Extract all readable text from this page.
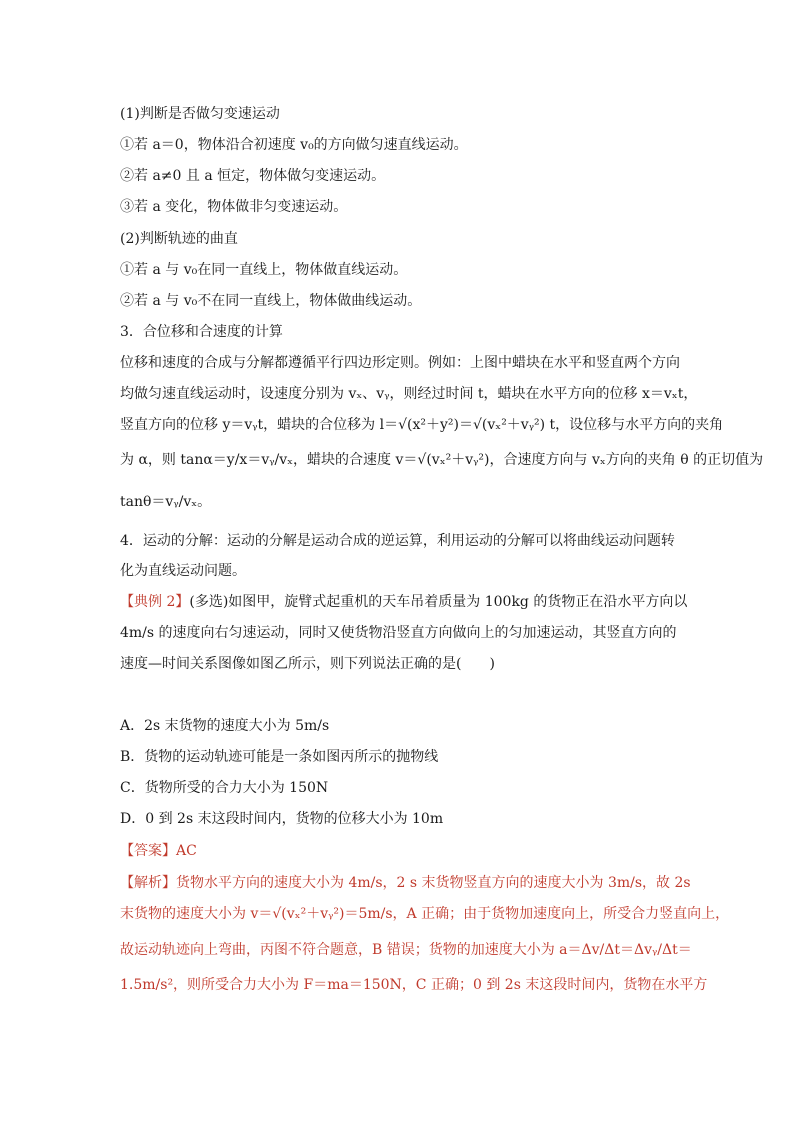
(1)判断是否做匀变速运动
①若 a＝0，物体沿合初速度 v₀的方向做匀速直线运动。
②若 a≠0 且 a 恒定，物体做匀变速运动。
③若 a 变化，物体做非匀变速运动。
(2)判断轨迹的曲直
①若 a 与 v₀在同一直线上，物体做直线运动。
②若 a 与 v₀不在同一直线上，物体做曲线运动。
3．合位移和合速度的计算
位移和速度的合成与分解都遵循平行四边形定则。例如：上图中蜡块在水平和竖直两个方向
均做匀速直线运动时，设速度分别为 vₓ、vᵧ，则经过时间 t，蜡块在水平方向的位移 x＝vₓt，
竖直方向的位移 y＝vᵧt，蜡块的合位移为 l＝√(x²＋y²)＝√(vₓ²＋vᵧ²) t，设位移与水平方向的夹角
为 α，则 tanα＝y/x＝vᵧ/vₓ，蜡块的合速度 v＝√(vₓ²＋vᵧ²)，合速度方向与 vₓ方向的夹角 θ 的正切值为
tanθ＝vᵧ/vₓ。
4．运动的分解：运动的分解是运动合成的逆运算，利用运动的分解可以将曲线运动问题转
化为直线运动问题。
【典例 2】(多选)如图甲，旋臂式起重机的天车吊着质量为 100kg 的货物正在沿水平方向以
4m/s 的速度向右匀速运动，同时又使货物沿竖直方向做向上的匀加速运动，其竖直方向的
速度—时间关系图像如图乙所示，则下列说法正确的是(　　)
A．2s 末货物的速度大小为 5m/s
B．货物的运动轨迹可能是一条如图丙所示的抛物线
C．货物所受的合力大小为 150N
D．0 到 2s 末这段时间内，货物的位移大小为 10m
【答案】AC
【解析】货物水平方向的速度大小为 4m/s，2 s 末货物竖直方向的速度大小为 3m/s，故 2s
末货物的速度大小为 v＝√(vₓ²＋vᵧ²)＝5m/s，A 正确；由于货物加速度向上，所受合力竖直向上，
故运动轨迹向上弯曲，丙图不符合题意，B 错误；货物的加速度大小为 a＝Δv/Δt＝Δvᵧ/Δt＝
1.5m/s²，则所受合力大小为 F＝ma＝150N，C 正确；0 到 2s 末这段时间内，货物在水平方
